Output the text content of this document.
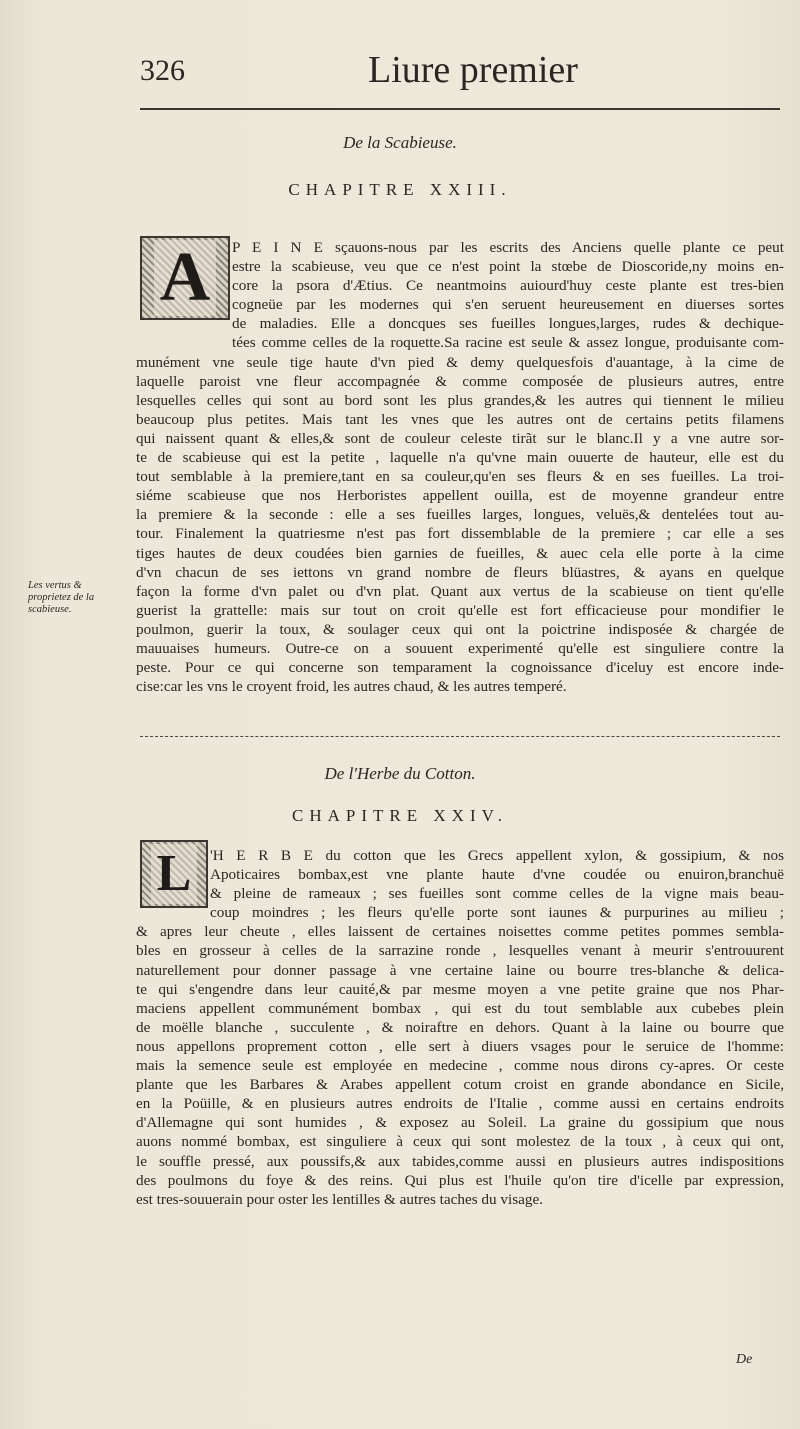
326	Liure premier
De la Scabieuse.
CHAPITRE XXIII.
A	P E I N E sçauons-nous par les escrits des Anciens quelle plante ce peut
estre la scabieuse, veu que ce n'est point la stœbe de Dioscoride,ny moins en-
core la psora d'Ætius. Ce neantmoins auiourd'huy ceste plante est tres-bien
cogneüe par les modernes qui s'en seruent heureusement en diuerses sortes
de maladies. Elle a doncques ses fueilles longues,larges, rudes & dechique-
tées comme celles de la roquette.Sa racine est seule & assez longue, produisante com-
munément vne seule tige haute d'vn pied & demy quelquesfois d'auantage, à la cime de
laquelle paroist vne fleur accompagnée & comme composée de plusieurs autres, entre
lesquelles celles qui sont au bord sont les plus grandes,& les autres qui tiennent le milieu
beaucoup plus petites. Mais tant les vnes que les autres ont de certains petits filamens
qui naissent quant & elles,& sont de couleur celeste tirãt sur le blanc.Il y a vne autre sor-
te de scabieuse qui est la petite , laquelle n'a qu'vne main ouuerte de hauteur, elle est du
tout semblable à la premiere,tant en sa couleur,qu'en ses fleurs & en ses fueilles. La troi-
siéme scabieuse que nos Herboristes appellent ouilla, est de moyenne grandeur entre
la premiere & la seconde : elle a ses fueilles larges, longues, veluës,& dentelées tout au-
tour. Finalement la quatriesme n'est pas fort dissemblable de la premiere ; car elle a ses
tiges hautes de deux coudées bien garnies de fueilles, & auec cela elle porte à la cime
d'vn chacun de ses iettons vn grand nombre de fleurs blüastres, & ayans en quelque
façon la forme d'vn palet ou d'vn plat. Quant aux vertus de la scabieuse on tient qu'elle
guerist la grattelle: mais sur tout on croit qu'elle est fort efficacieuse pour mondifier le
poulmon, guerir la toux, & soulager ceux qui ont la poictrine indisposée & chargée de
mauuaises humeurs. Outre-ce on a souuent experimenté qu'elle est singuliere contre la
peste. Pour ce qui concerne son temparament la cognoissance d'iceluy est encore inde-
cise:car les vns le croyent froid, les autres chaud, & les autres temperé.
Les vertus & proprietez de la scabieuse.
De l'Herbe du Cotton.
CHAPITRE XXIV.
L	'H E R B E du cotton que les Grecs appellent xylon, & gossipium, & nos
Apoticaires bombax,est vne plante haute d'vne coudée ou enuiron,branchuë
& pleine de rameaux ; ses fueilles sont comme celles de la vigne mais beau-
coup moindres ; les fleurs qu'elle porte sont iaunes & purpurines au milieu ;
& apres leur cheute , elles laissent de certaines noisettes comme petites pommes sembla-
bles en grosseur à celles de la sarrazine ronde , lesquelles venant à meurir s'entrouurent
naturellement pour donner passage à vne certaine laine ou bourre tres-blanche & delica-
te qui s'engendre dans leur cauité,& par mesme moyen a vne petite graine que nos Phar-
maciens appellent communément bombax , qui est du tout semblable aux cubebes plein
de moëlle blanche , succulente , & noiraftre en dehors. Quant à la laine ou bourre que
nous appellons proprement cotton , elle sert à diuers vsages pour le seruice de l'homme:
mais la semence seule est employée en medecine , comme nous dirons cy-apres. Or ceste
plante que les Barbares & Arabes appellent cotum croist en grande abondance en Sicile,
en la Poüille, & en plusieurs autres endroits de l'Italie , comme aussi en certains endroits
d'Allemagne qui sont humides , & exposez au Soleil. La graine du gossipium que nous
auons nommé bombax, est singuliere à ceux qui sont molestez de la toux , à ceux qui ont,
le souffle pressé, aux poussifs,& aux tabides,comme aussi en plusieurs autres indispositions
des poulmons du foye & des reins. Qui plus est l'huile qu'on tire d'icelle par expression,
est tres-souuerain pour oster les lentilles & autres taches du visage.
De
